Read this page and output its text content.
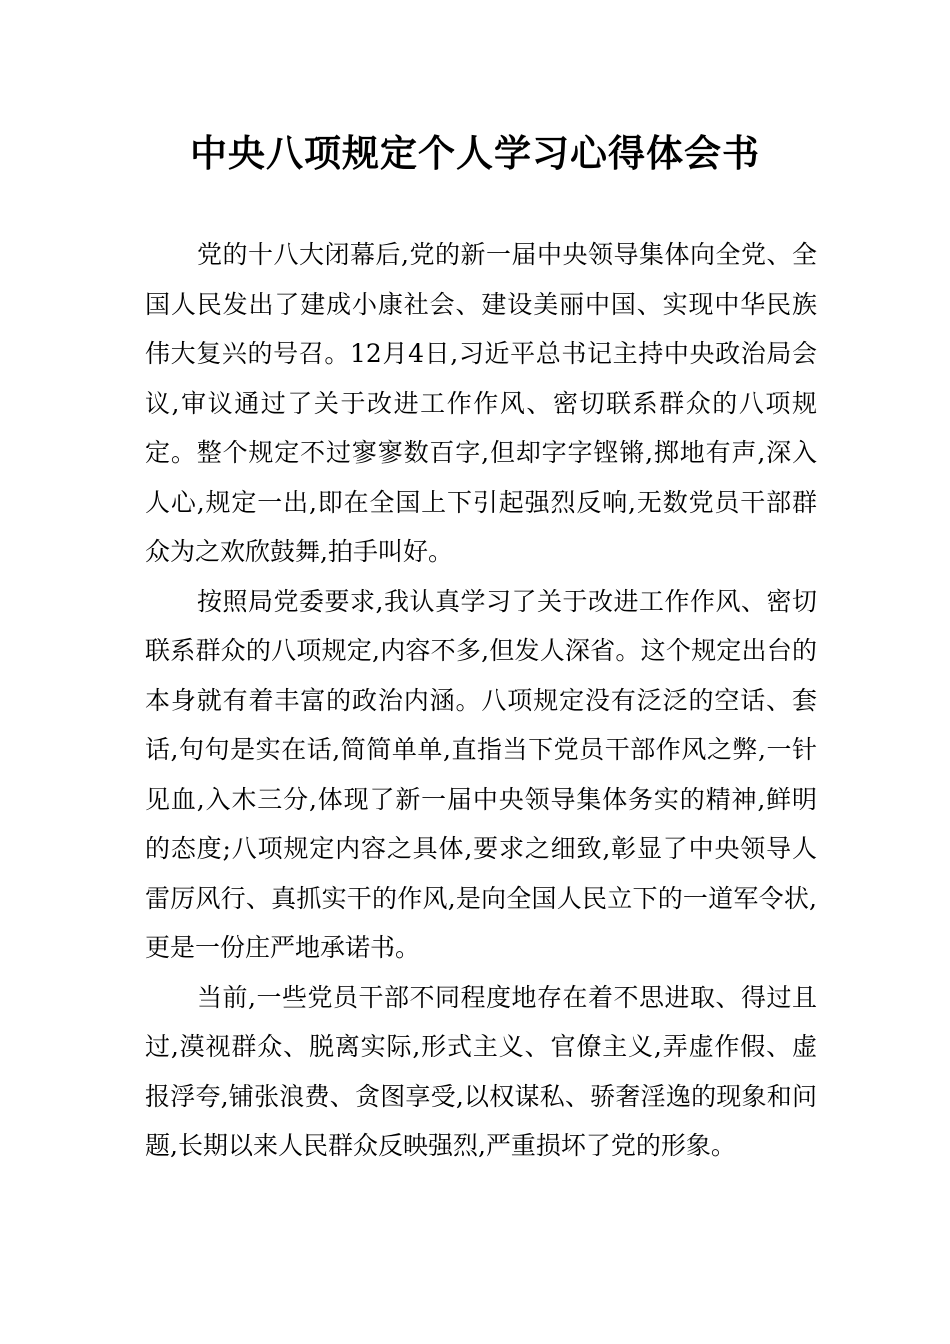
中央八项规定个人学习心得体会书

党的十八大闭幕后,党的新一届中央领导集体向全党、全国人民发出了建成小康社会、建设美丽中国、实现中华民族伟大复兴的号召。12月4日,习近平总书记主持中央政治局会议,审议通过了关于改进工作作风、密切联系群众的八项规定。整个规定不过寥寥数百字,但却字字铿锵,掷地有声,深入人心,规定一出,即在全国上下引起强烈反响,无数党员干部群众为之欢欣鼓舞,拍手叫好。

按照局党委要求,我认真学习了关于改进工作作风、密切联系群众的八项规定,内容不多,但发人深省。这个规定出台的本身就有着丰富的政治内涵。八项规定没有泛泛的空话、套话,句句是实在话,简简单单,直指当下党员干部作风之弊,一针见血,入木三分,体现了新一届中央领导集体务实的精神,鲜明的态度;八项规定内容之具体,要求之细致,彰显了中央领导人雷厉风行、真抓实干的作风,是向全国人民立下的一道军令状,更是一份庄严地承诺书。

当前,一些党员干部不同程度地存在着不思进取、得过且过,漠视群众、脱离实际,形式主义、官僚主义,弄虚作假、虚报浮夸,铺张浪费、贪图享受,以权谋私、骄奢淫逸的现象和问题,长期以来人民群众反映强烈,严重损坏了党的形象。
